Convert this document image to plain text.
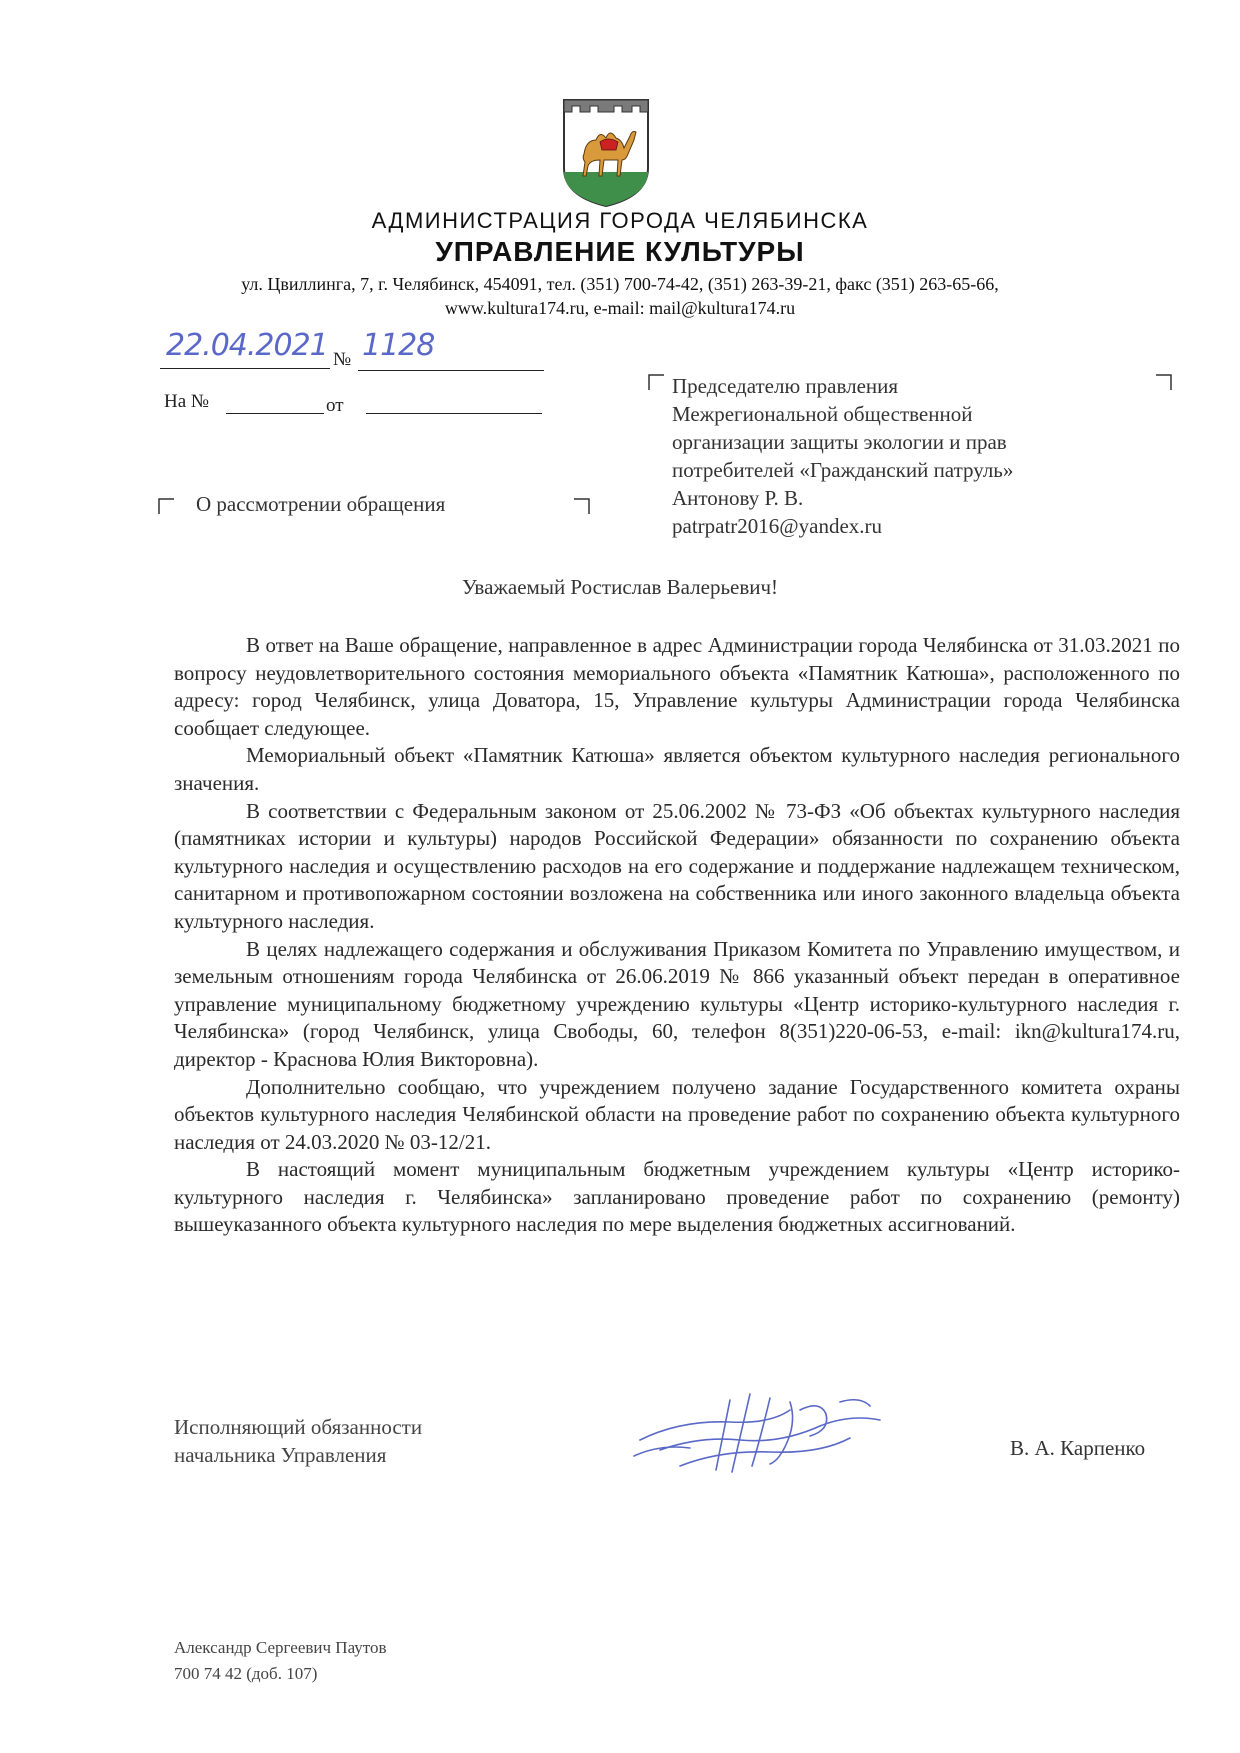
АДМИНИСТРАЦИЯ ГОРОДА ЧЕЛЯБИНСКА
УПРАВЛЕНИЕ КУЛЬТУРЫ
ул. Цвиллинга, 7, г. Челябинск, 454091, тел. (351) 700-74-42, (351) 263-39-21, факс (351) 263-65-66,
www.kultura174.ru, e-mail: mail@kultura174.ru
22.04.2021 № 1128
На №	от
Председателю правления
Межрегиональной общественной
организации защиты экологии и прав
потребителей «Гражданский патруль»
Антонову Р. В.
patrpatr2016@yandex.ru
О рассмотрении обращения
Уважаемый Ростислав Валерьевич!

В ответ на Ваше обращение, направленное в адрес Администрации города Челябинска от 31.03.2021 по вопросу неудовлетворительного состояния мемориального объекта «Памятник Катюша», расположенного по адресу: город Челябинск, улица Доватора, 15, Управление культуры Администрации города Челябинска сообщает следующее.

Мемориальный объект «Памятник Катюша» является объектом культурного наследия регионального значения.

В соответствии с Федеральным законом от 25.06.2002 № 73-ФЗ «Об объектах культурного наследия (памятниках истории и культуры) народов Российской Федерации» обязанности по сохранению объекта культурного наследия и осуществлению расходов на его содержание и поддержание надлежащем техническом, санитарном и противопожарном состоянии возложена на собственника или иного законного владельца объекта культурного наследия.

В целях надлежащего содержания и обслуживания Приказом Комитета по Управлению имуществом, и земельным отношениям города Челябинска от 26.06.2019 № 866 указанный объект передан в оперативное управление муниципальному бюджетному учреждению культуры «Центр историко-культурного наследия г. Челябинска» (город Челябинск, улица Свободы, 60, телефон 8(351)220-06-53, e-mail: ikn@kultura174.ru, директор - Краснова Юлия Викторовна).

Дополнительно сообщаю, что учреждением получено задание Государственного комитета охраны объектов культурного наследия Челябинской области на проведение работ по сохранению объекта культурного наследия от 24.03.2020 № 03-12/21.

В настоящий момент муниципальным бюджетным учреждением культуры «Центр историко-культурного наследия г. Челябинска» запланировано проведение работ по сохранению (ремонту) вышеуказанного объекта культурного наследия по мере выделения бюджетных ассигнований.

Исполняющий обязанности
начальника Управления	В. А. Карпенко
Александр Сергеевич Паутов
700 74 42 (доб. 107)
